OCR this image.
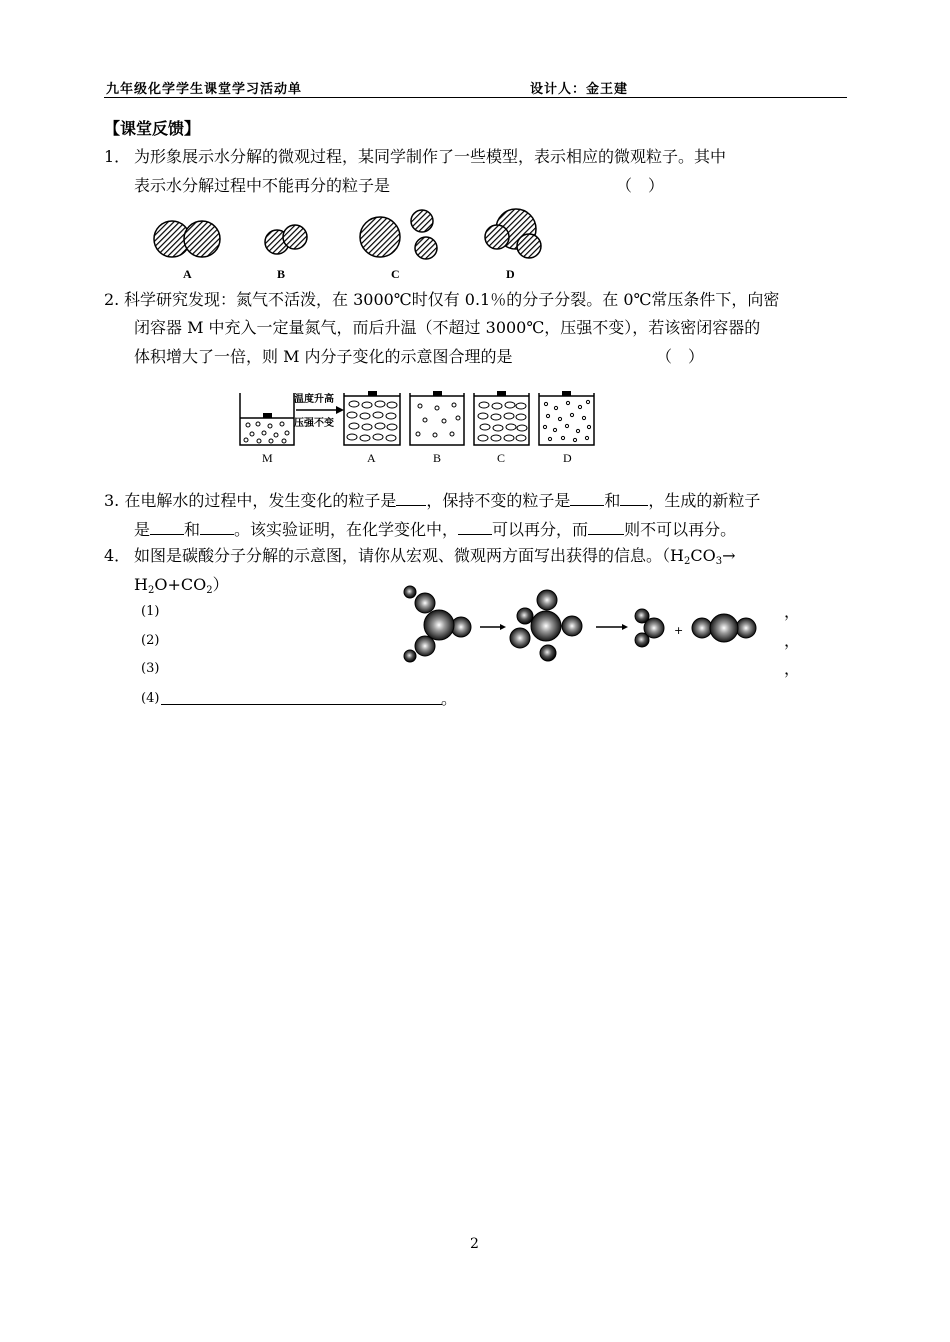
九年级化学学生课堂学习活动单	设计人：金王建
【课堂反馈】
1． 为形象展示水分解的微观过程，某同学制作了一些模型，表示相应的微观粒子。其中
表示水分解过程中不能再分的粒子是	（　）
A	B	C	D
2. 科学研究发现：氮气不活泼，在 3000℃时仅有 0.1％的分子分裂。在 0℃常压条件下，向密
闭容器 M 中充入一定量氮气，而后升温（不超过 3000℃，压强不变），若该密闭容器的
体积增大了一倍，则 M 内分子变化的示意图合理的是	（　）
温度升高
压强不变
M	A	B	C	D
3. 在电解水的过程中，发生变化的粒子是 ，保持不变的粒子是 和 ，生成的新粒子
是 和 。该实验证明，在化学变化中， 可以再分，而 则不可以再分。
4． 如图是碳酸分子分解的示意图，请你从宏观、微观两方面写出获得的信息。（$H_2CO_3\to$
$H_2O+CO_2$）
(1)
(2)
(3)
(4)	。
，
，
，
+
2
